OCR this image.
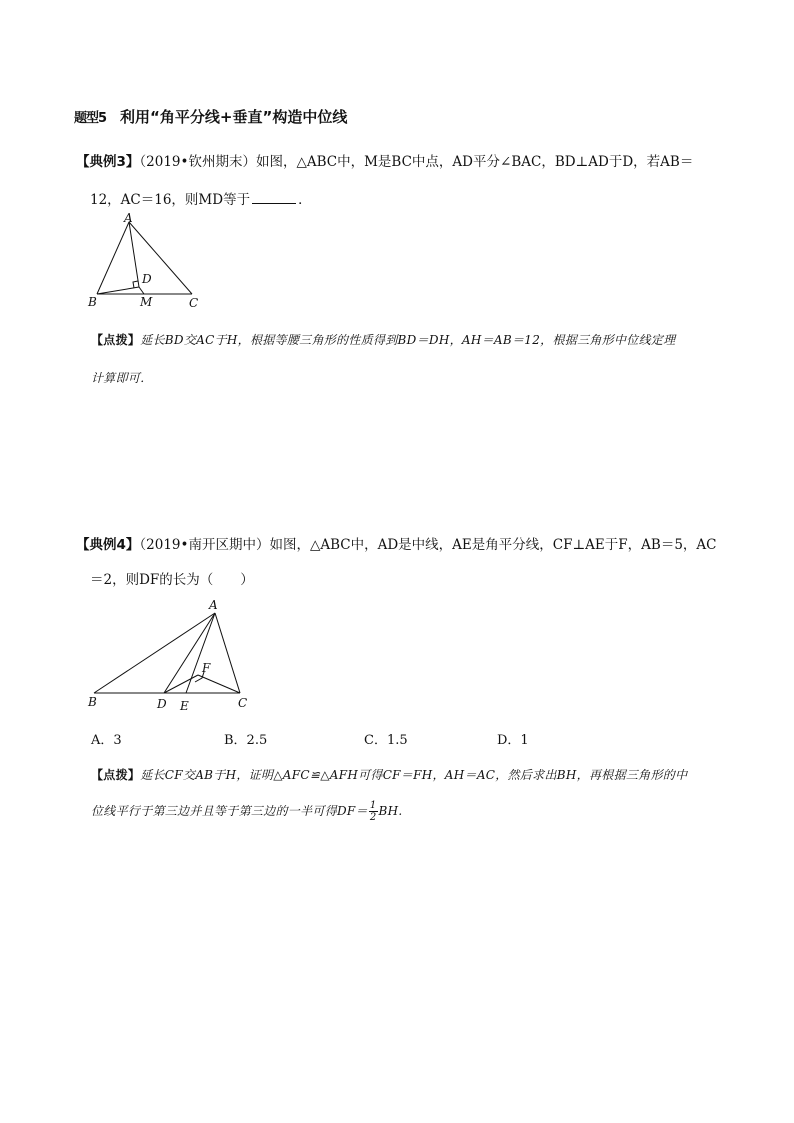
题型5 利用“角平分线+垂直”构造中位线
【典例3】（2019•钦州期末）如图，△ABC中，M是BC中点，AD平分∠BAC，BD⊥AD于D，若AB＝
12，AC＝16，则MD等于	．
A
D
B	M	C
【点拨】延长BD交AC于H，根据等腰三角形的性质得到BD＝DH，AH＝AB＝12，根据三角形中位线定理
计算即可．
【典例4】（2019•南开区期中）如图，△ABC中，AD是中线，AE是角平分线，CF⊥AE于F，AB＝5，AC
＝2，则DF的长为（　　）
A
F
B	D E	C
A．3	B．2.5	C．1.5	D．1
【点拨】延长CF交AB于H，证明△AFC≌△AFH可得CF＝FH，AH＝AC，然后求出BH，再根据三角形的中
位线平行于第三边并且等于第三边的一半可得$DF= \frac{1}{2}$ BH.
